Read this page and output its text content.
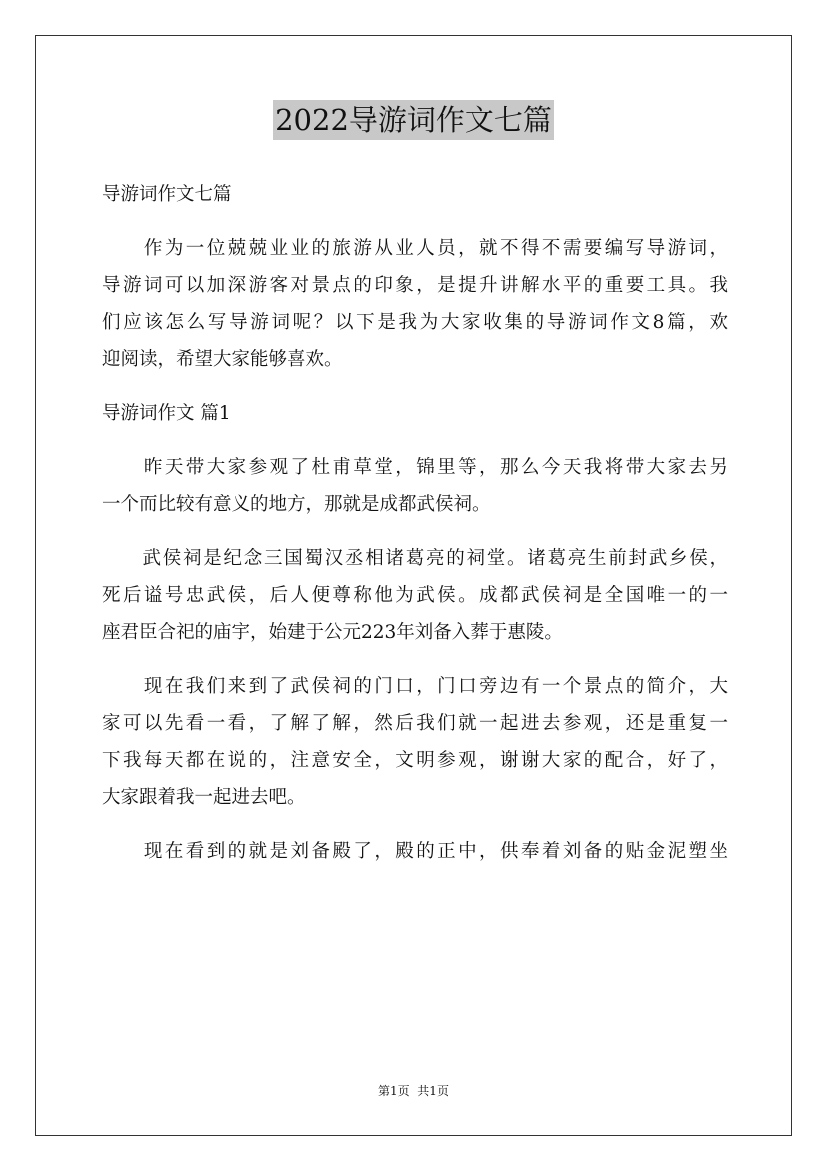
2022导游词作文七篇
导游词作文七篇
　　作为一位兢兢业业的旅游从业人员，就不得不需要编写导游词，
导游词可以加深游客对景点的印象，是提升讲解水平的重要工具。我
们应该怎么写导游词呢？以下是我为大家收集的导游词作文8篇，欢
迎阅读，希望大家能够喜欢。
导游词作文 篇1
　　昨天带大家参观了杜甫草堂，锦里等，那么今天我将带大家去另
一个而比较有意义的地方，那就是成都武侯祠。
　　武侯祠是纪念三国蜀汉丞相诸葛亮的祠堂。诸葛亮生前封武乡侯，
死后谥号忠武侯，后人便尊称他为武侯。成都武侯祠是全国唯一的一
座君臣合祀的庙宇，始建于公元223年刘备入葬于惠陵。
　　现在我们来到了武侯祠的门口，门口旁边有一个景点的简介，大
家可以先看一看，了解了解，然后我们就一起进去参观，还是重复一
下我每天都在说的，注意安全，文明参观，谢谢大家的配合，好了，
大家跟着我一起进去吧。
　　现在看到的就是刘备殿了，殿的正中，供奉着刘备的贴金泥塑坐
第1页  共1页
